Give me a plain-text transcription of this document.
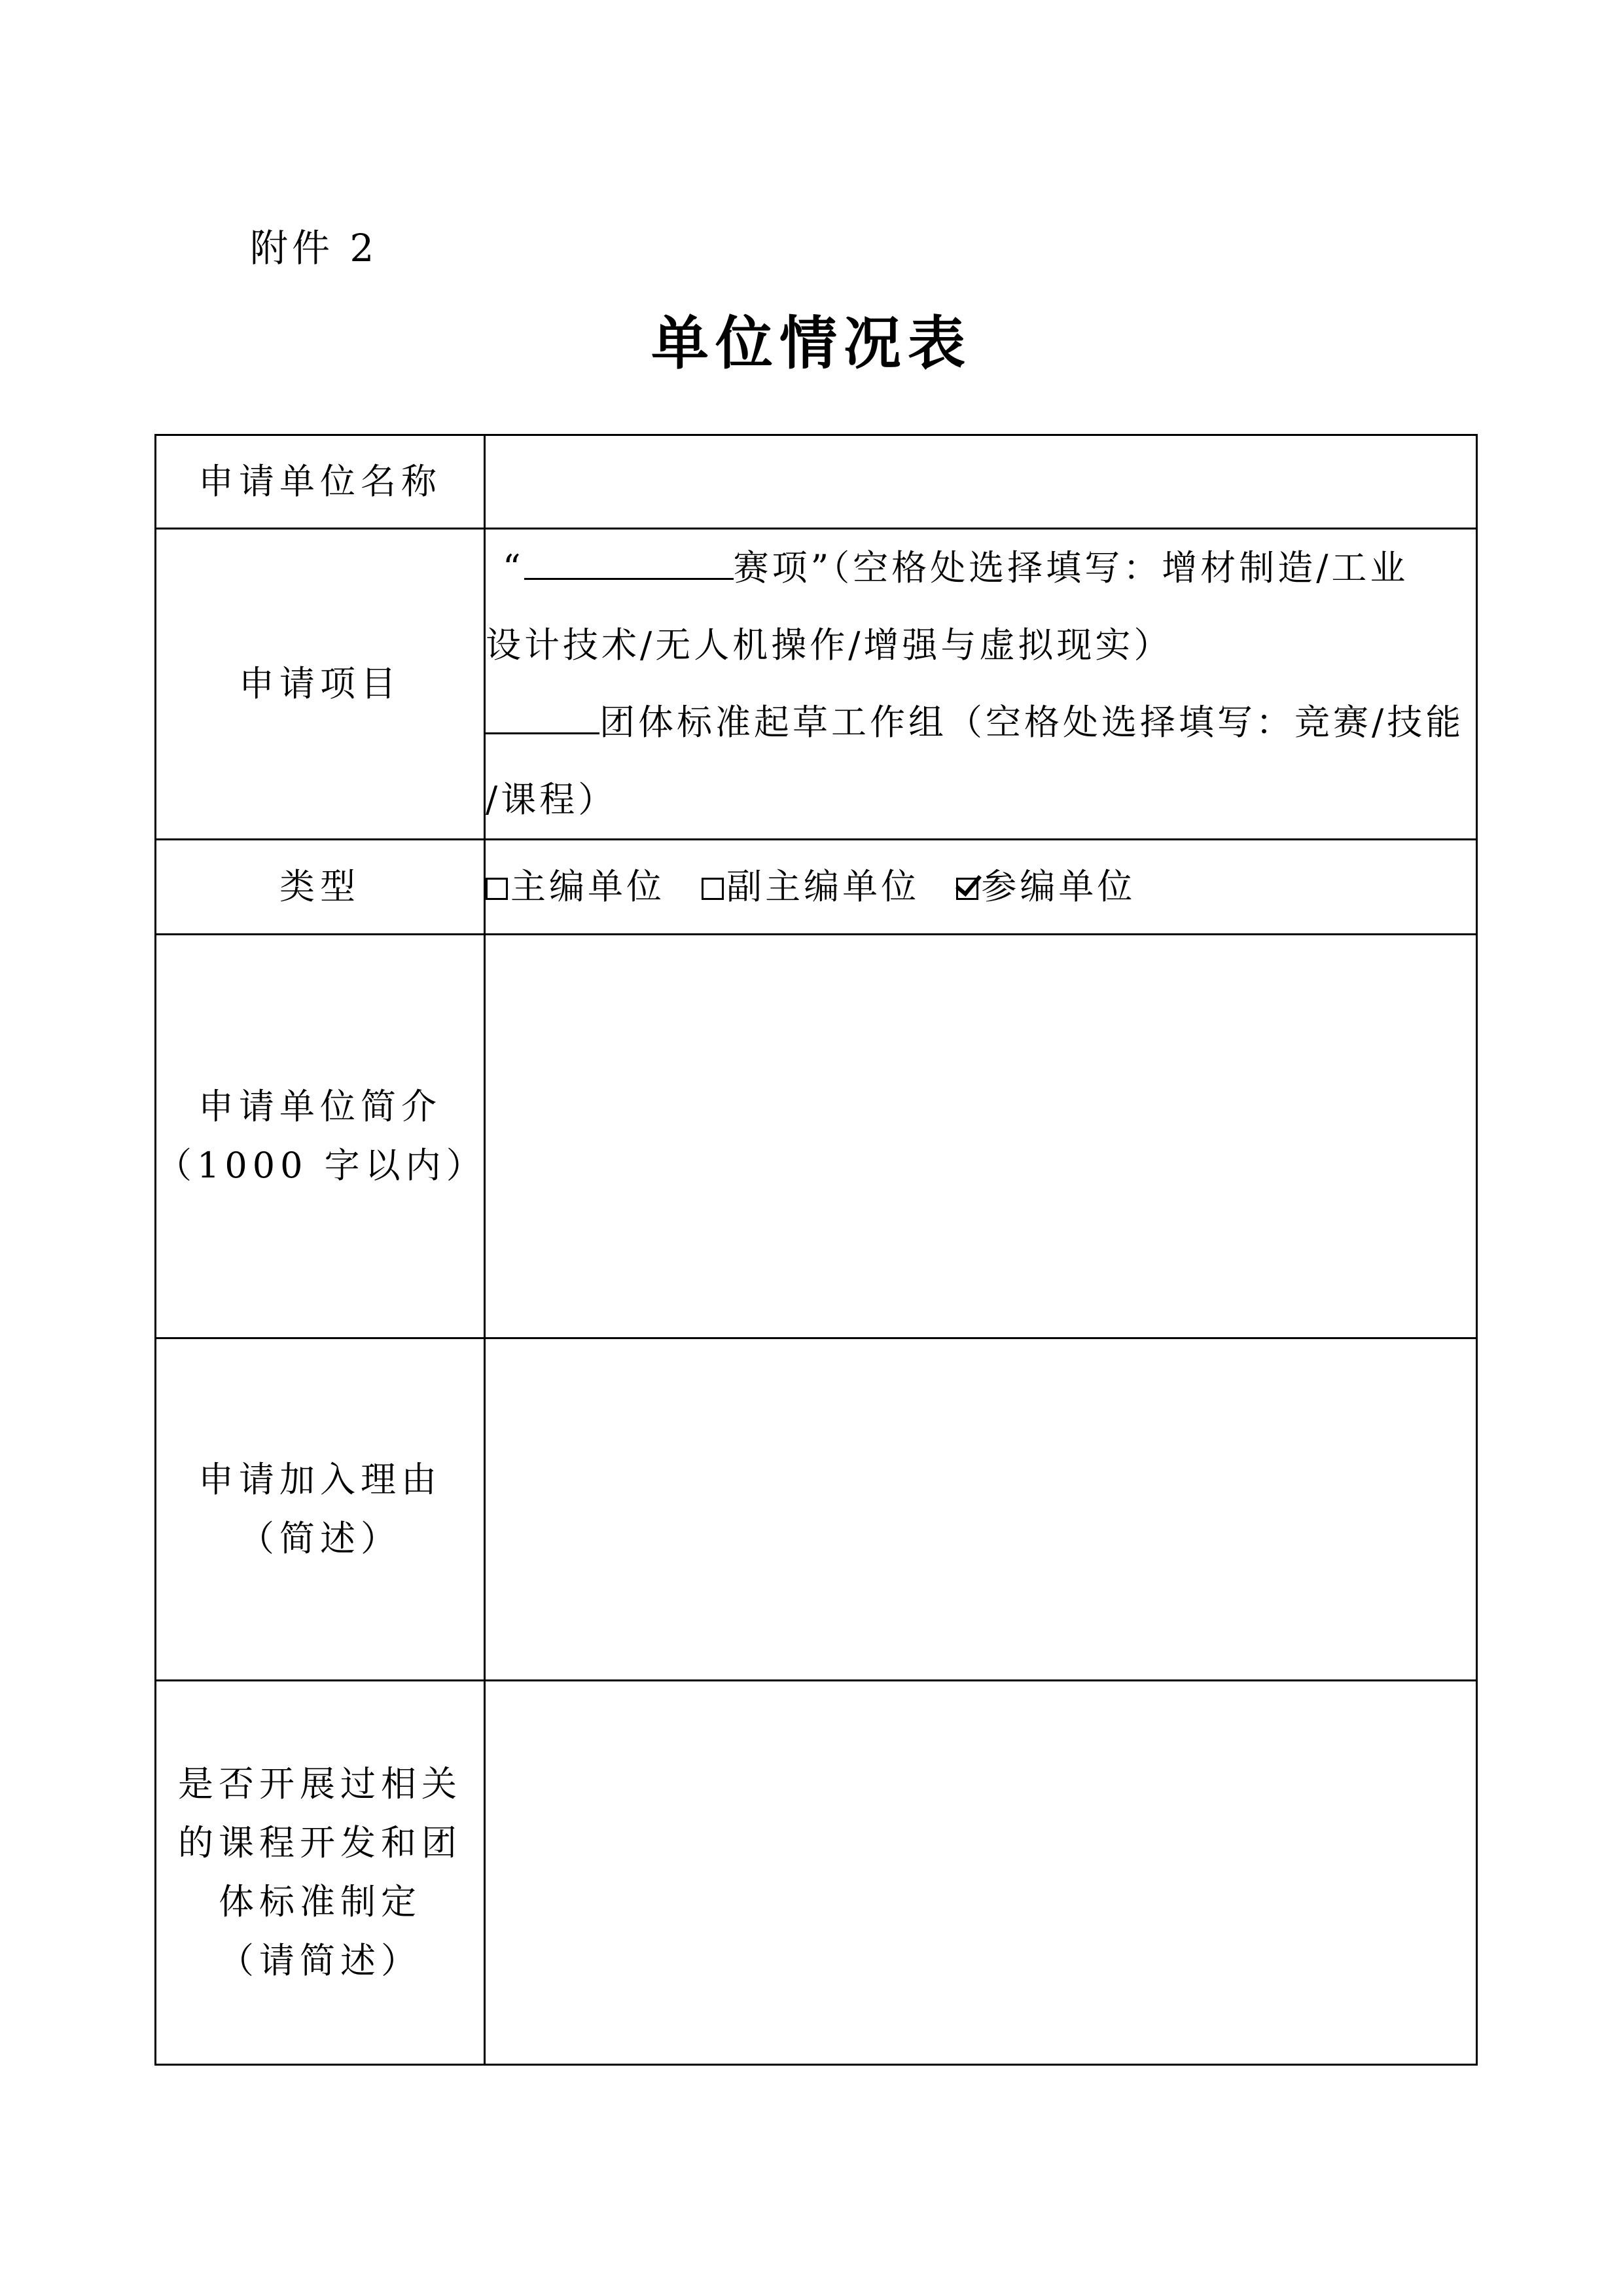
附件 2
单位情况表
申请单位名称	
申请项目	“ 赛项”（空格处选择填写：增材制造/工业
设计技术/无人机操作/增强与虚拟现实）
团体标准起草工作组（空格处选择填写：竞赛/技能
/课程）

类型	主编单位 副主编单位 参编单位

申请单位简介
（1000 字以内）	

申请加入理由
（简述）	

是否开展过相关
的课程开发和团
体标准制定
（请简述）	
